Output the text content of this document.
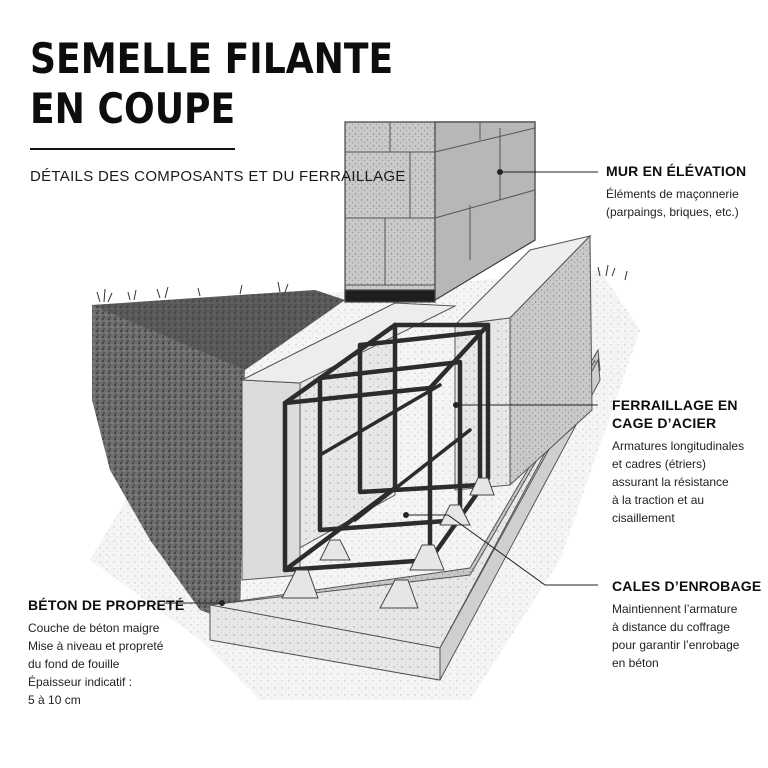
SEMELLE FILANTE
EN COUPE
DÉTAILS DES COMPOSANTS ET DU FERRAILLAGE	MUR EN ÉLÉVATION

Éléments de maçonnerie
(parpaings, briques, etc.)

FERRAILLAGE EN
CAGE D’ACIER

Armatures longitudinales
et cadres (étriers)
assurant la résistance
à la traction et au
cisaillement

CALES D’ENROBAGE

Maintiennent l’armature
à distance du coffrage
pour garantir l’enrobage
en béton

BÉTON DE PROPRETÉ

Couche de béton maigre
Mise à niveau et propreté
du fond de fouille
Épaisseur indicatif :
5 à 10 cm
